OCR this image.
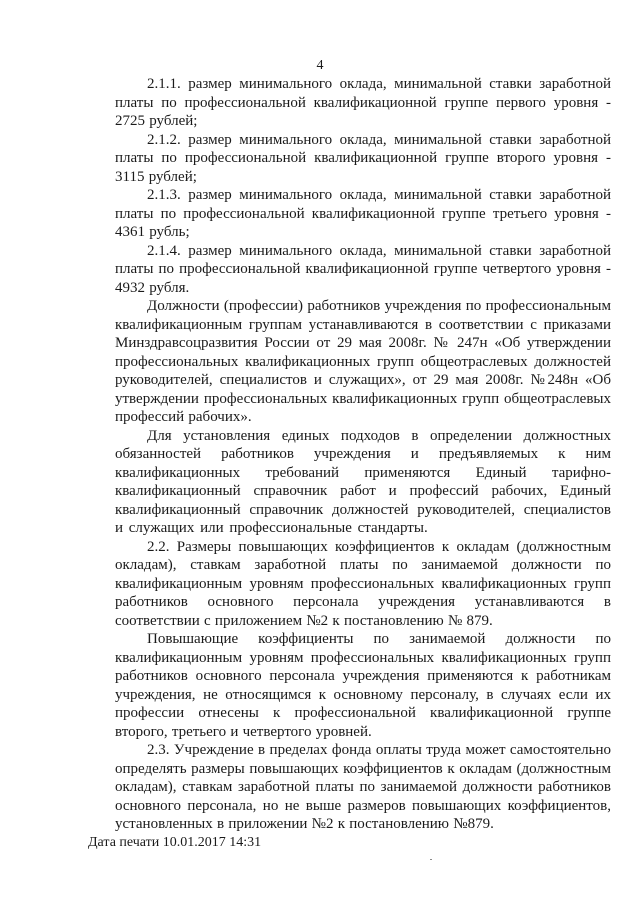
4

2.1.1. размер минимального оклада, минимальной ставки заработной платы по профессиональной квалификационной группе первого уровня - 2725 рублей;

2.1.2. размер минимального оклада, минимальной ставки заработной платы по профессиональной квалификационной группе второго уровня - 3115 рублей;

2.1.3. размер минимального оклада, минимальной ставки заработной платы по профессиональной квалификационной группе третьего уровня - 4361 рубль;

2.1.4. размер минимального оклада, минимальной ставки заработной платы по профессиональной квалификационной группе четвертого уровня - 4932 рубля.

Должности (профессии) работников учреждения по профессиональным квалификационным группам устанавливаются в соответствии с приказами Минздравсоцразвития России от 29 мая 2008г. № 247н «Об утверждении профессиональных квалификационных групп общеотраслевых должностей руководителей, специалистов и служащих», от 29 мая 2008г. №248н «Об утверждении профессиональных квалификационных групп общеотраслевых профессий рабочих».

Для установления единых подходов в определении должностных обязанностей работников учреждения и предъявляемых к ним квалификационных требований применяются Единый тарифно-квалификационный справочник работ и профессий рабочих, Единый квалификационный справочник должностей руководителей, специалистов и служащих или профессиональные стандарты.

2.2. Размеры повышающих коэффициентов к окладам (должностным окладам), ставкам заработной платы по занимаемой должности по квалификационным уровням профессиональных квалификационных групп работников основного персонала учреждения устанавливаются в соответствии с приложением №2 к постановлению № 879.

Повышающие коэффициенты по занимаемой должности по квалификационным уровням профессиональных квалификационных групп работников основного персонала учреждения применяются к работникам учреждения, не относящимся к основному персоналу, в случаях если их профессии отнесены к профессиональной квалификационной группе второго, третьего и четвертого уровней.

2.3. Учреждение в пределах фонда оплаты труда может самостоятельно определять размеры повышающих коэффициентов к окладам (должностным окладам), ставкам заработной платы по занимаемой должности работников основного персонала, но не выше размеров повышающих коэффициентов, установленных в приложении №2 к постановлению №879.

Дата печати 10.01.2017 14:31
